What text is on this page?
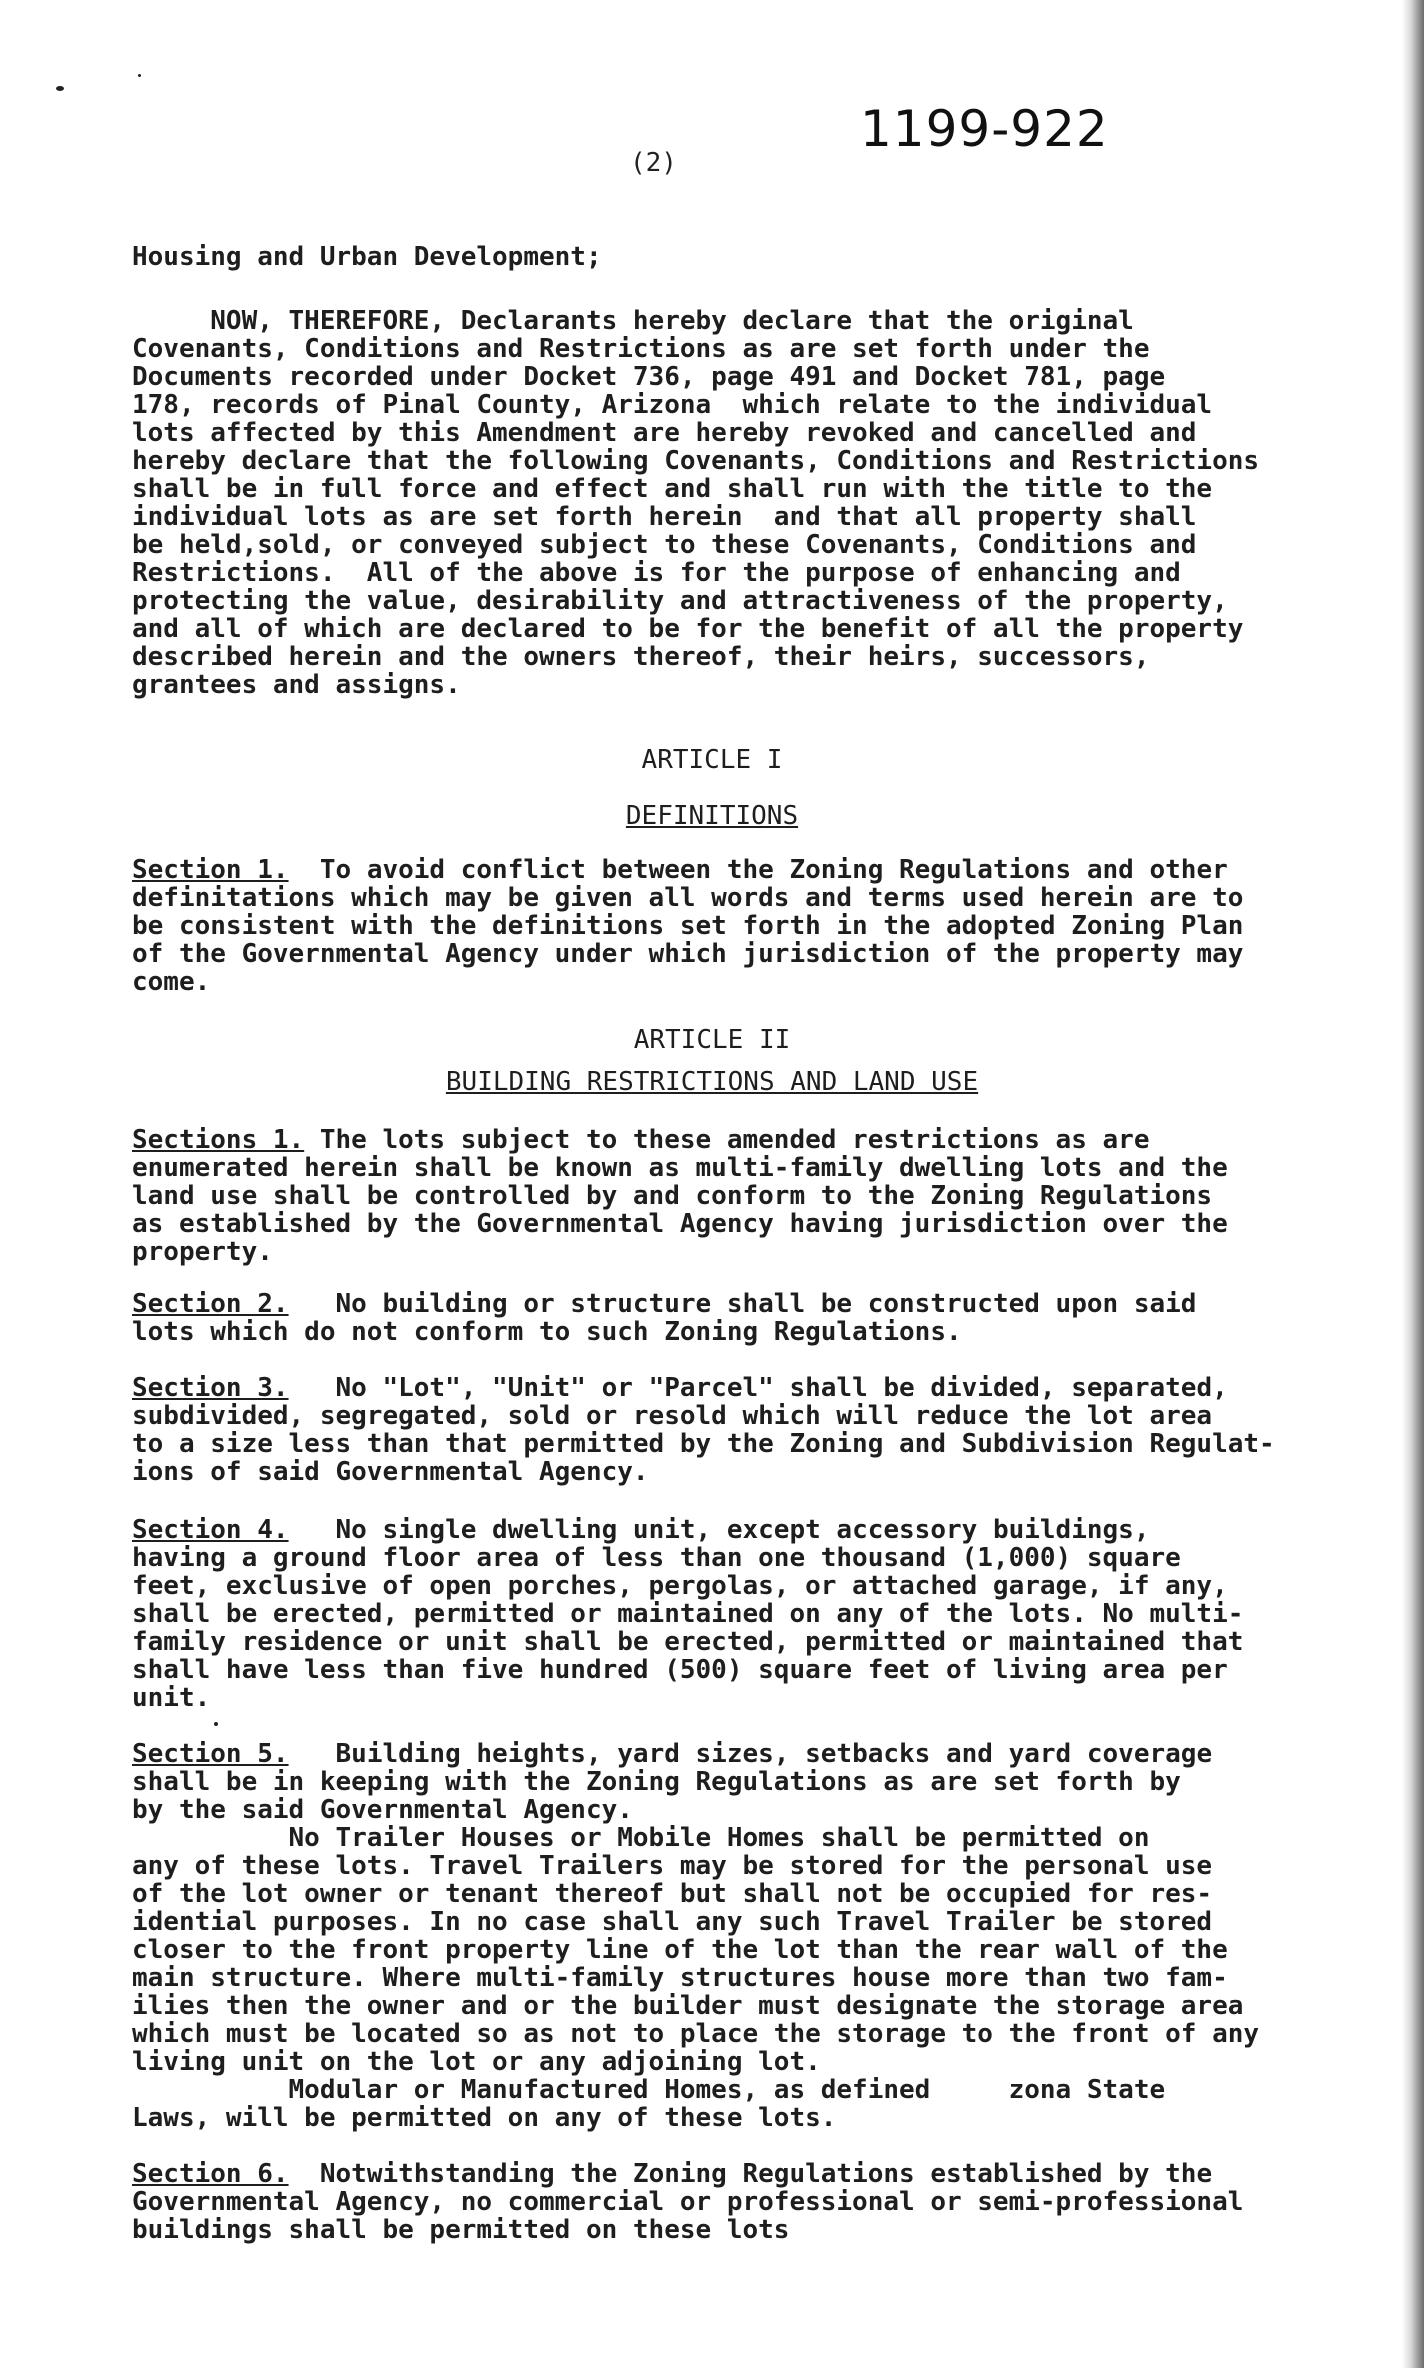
1199-922
(2)
Housing and Urban Development;
NOW, THEREFORE, Declarants hereby declare that the original
Covenants, Conditions and Restrictions as are set forth under the
Documents recorded under Docket 736, page 491 and Docket 781, page
178, records of Pinal County, Arizona  which relate to the individual
lots affected by this Amendment are hereby revoked and cancelled and
hereby declare that the following Covenants, Conditions and Restrictions
shall be in full force and effect and shall run with the title to the
individual lots as are set forth herein  and that all property shall
be held,sold, or conveyed subject to these Covenants, Conditions and
Restrictions.  All of the above is for the purpose of enhancing and
protecting the value, desirability and attractiveness of the property,
and all of which are declared to be for the benefit of all the property
described herein and the owners thereof, their heirs, successors,
grantees and assigns.
ARTICLE I
DEFINITIONS
Section 1.  To avoid conflict between the Zoning Regulations and other
definitations which may be given all words and terms used herein are to
be consistent with the definitions set forth in the adopted Zoning Plan
of the Governmental Agency under which jurisdiction of the property may
come.
ARTICLE II
BUILDING RESTRICTIONS AND LAND USE
Sections 1. The lots subject to these amended restrictions as are
enumerated herein shall be known as multi-family dwelling lots and the
land use shall be controlled by and conform to the Zoning Regulations
as established by the Governmental Agency having jurisdiction over the
property.
Section 2.   No building or structure shall be constructed upon said
lots which do not conform to such Zoning Regulations.
Section 3.   No "Lot", "Unit" or "Parcel" shall be divided, separated,
subdivided, segregated, sold or resold which will reduce the lot area
to a size less than that permitted by the Zoning and Subdivision Regulat-
ions of said Governmental Agency.
Section 4.   No single dwelling unit, except accessory buildings,
having a ground floor area of less than one thousand (1,000) square
feet, exclusive of open porches, pergolas, or attached garage, if any,
shall be erected, permitted or maintained on any of the lots. No multi-
family residence or unit shall be erected, permitted or maintained that
shall have less than five hundred (500) square feet of living area per
unit.
Section 5.   Building heights, yard sizes, setbacks and yard coverage
shall be in keeping with the Zoning Regulations as are set forth by
by the said Governmental Agency.
No Trailer Houses or Mobile Homes shall be permitted on
any of these lots. Travel Trailers may be stored for the personal use
of the lot owner or tenant thereof but shall not be occupied for res-
idential purposes. In no case shall any such Travel Trailer be stored
closer to the front property line of the lot than the rear wall of the
main structure. Where multi-family structures house more than two fam-
ilies then the owner and or the builder must designate the storage area
which must be located so as not to place the storage to the front of any
living unit on the lot or any adjoining lot.
Modular or Manufactured Homes, as defined     zona State
Laws, will be permitted on any of these lots.
Section 6.  Notwithstanding the Zoning Regulations established by the
Governmental Agency, no commercial or professional or semi-professional
buildings shall be permitted on these lots
